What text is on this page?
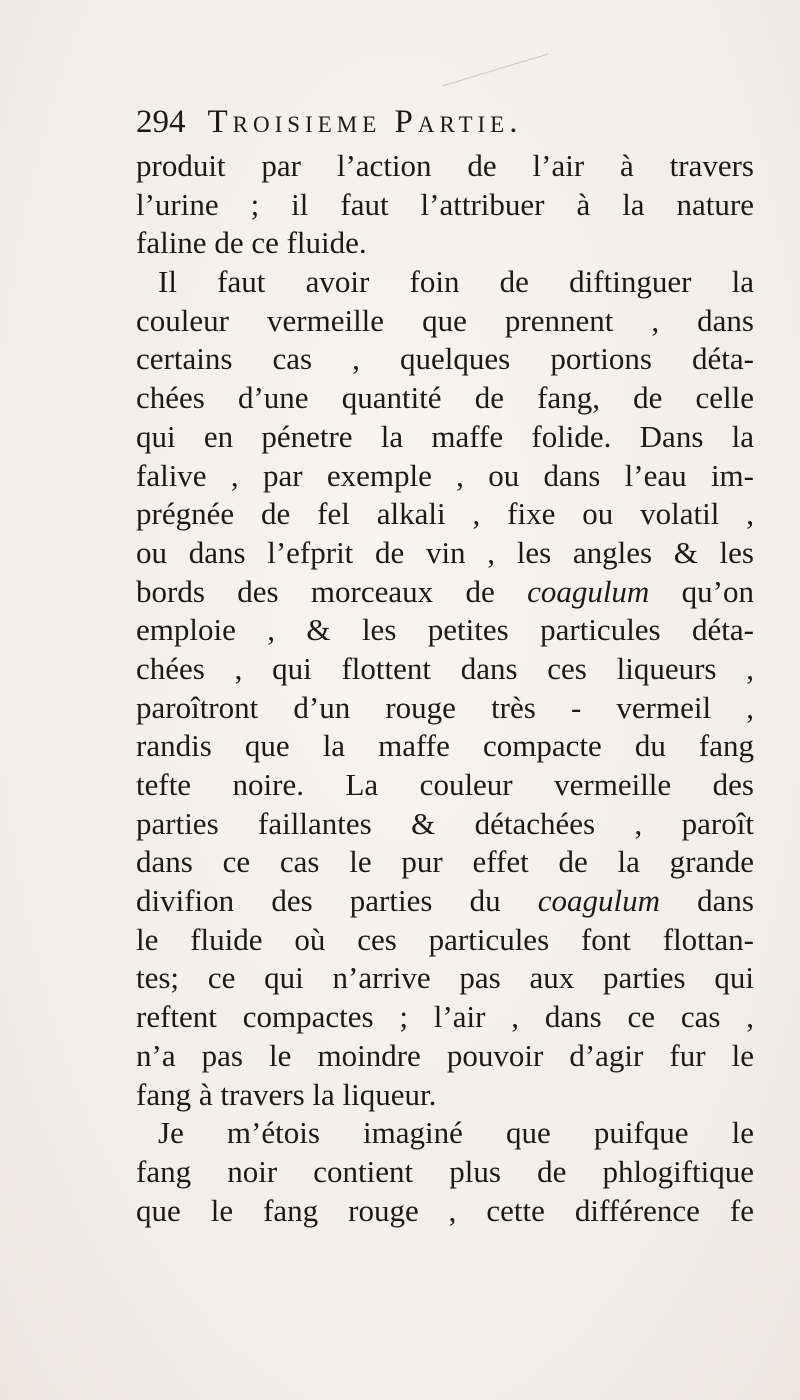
294 Troisieme Partie.
produit par l’action de l’air à travers
l’urine ; il faut l’attribuer à la nature
faline de ce fluide.
Il faut avoir foin de diftinguer la
couleur vermeille que prennent , dans
certains cas , quelques portions déta-
chées d’une quantité de fang, de celle
qui en pénetre la maffe folide. Dans la
falive , par exemple , ou dans l’eau im-
prégnée de fel alkali , fixe ou volatil ,
ou dans l’efprit de vin , les angles & les
bords des morceaux de coagulum qu’on
emploie , & les petites particules déta-
chées , qui flottent dans ces liqueurs ,
paroîtront d’un rouge très - vermeil ,
randis que la maffe compacte du fang
tefte noire. La couleur vermeille des
parties faillantes & détachées , paroît
dans ce cas le pur effet de la grande
divifion des parties du coagulum dans
le fluide où ces particules font flottan-
tes; ce qui n’arrive pas aux parties qui
reftent compactes ; l’air , dans ce cas ,
n’a pas le moindre pouvoir d’agir fur le
fang à travers la liqueur.
Je m’étois imaginé que puifque le
fang noir contient plus de phlogiftique
que le fang rouge , cette différence fe
